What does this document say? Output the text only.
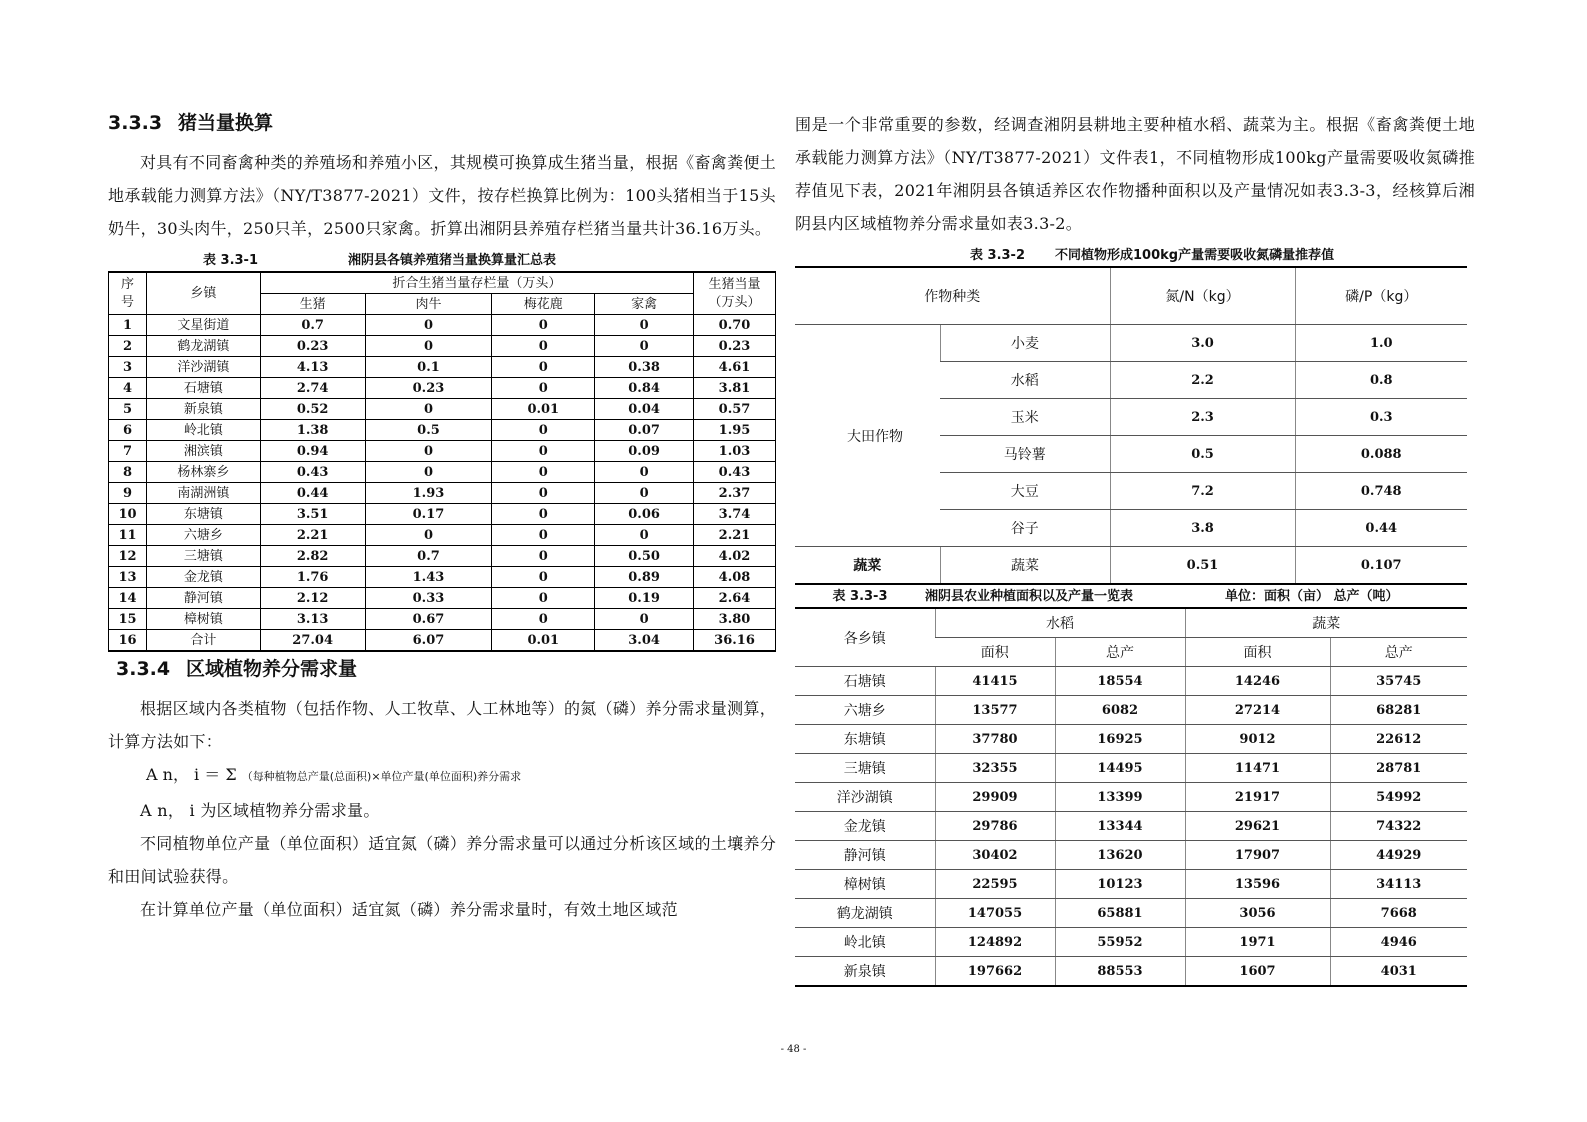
3.3.3 猪当量换算

对具有不同畜禽种类的养殖场和养殖小区，其规模可换算成生猪当量，根据《畜禽粪便土地承载能力测算方法》（NY/T3877-2021）文件，按存栏换算比例为：100头猪相当于15头奶牛，30头肉牛，250只羊，2500只家禽。折算出湘阴县养殖存栏猪当量共计36.16万头。

表 3.3-1	湘阴县各镇养殖猪当量换算量汇总表
序号	乡镇	折合生猪当量存栏量（万头）				生猪当量（万头）
		生猪	肉牛	梅花鹿	家禽	
1	文星街道	0.7	0	0	0	0.70
2	鹤龙湖镇	0.23	0	0	0	0.23
3	洋沙湖镇	4.13	0.1	0	0.38	4.61
4	石塘镇	2.74	0.23	0	0.84	3.81
5	新泉镇	0.52	0	0.01	0.04	0.57
6	岭北镇	1.38	0.5	0	0.07	1.95
7	湘滨镇	0.94	0	0	0.09	1.03
8	杨林寨乡	0.43	0	0	0	0.43
9	南湖洲镇	0.44	1.93	0	0	2.37
10	东塘镇	3.51	0.17	0	0.06	3.74
11	六塘乡	2.21	0	0	0	2.21
12	三塘镇	2.82	0.7	0	0.50	4.02
13	金龙镇	1.76	1.43	0	0.89	4.08
14	静河镇	2.12	0.33	0	0.19	2.64
15	樟树镇	3.13	0.67	0	0	3.80
16	合计	27.04	6.07	0.01	3.04	36.16
3.3.4 区域植物养分需求量

根据区域内各类植物（包括作物、人工牧草、人工林地等）的氮（磷）养分需求量测算，计算方法如下：

A n， i ＝ Σ （每种植物总产量(总面积)×单位产量(单位面积)养分需求

A n， i 为区域植物养分需求量。

不同植物单位产量（单位面积）适宜氮（磷）养分需求量可以通过分析该区域的土壤养分和田间试验获得。

在计算单位产量（单位面积）适宜氮（磷）养分需求量时，有效土地区域范

围是一个非常重要的参数，经调查湘阴县耕地主要种植水稻、蔬菜为主。根据《畜禽粪便土地承载能力测算方法》（NY/T3877-2021）文件表1，不同植物形成100kg产量需要吸收氮磷推荐值见下表，2021年湘阴县各镇适养区农作物播种面积以及产量情况如表3.3-3，经核算后湘阴县内区域植物养分需求量如表3.3-2。

表 3.3-2	不同植物形成100kg产量需要吸收氮磷量推荐值
作物种类		氮/N（kg）	磷/P（kg）
大田作物	小麦	3.0	1.0
	水稻	2.2	0.8
	玉米	2.3	0.3
	马铃薯	0.5	0.088
	大豆	7.2	0.748
	谷子	3.8	0.44
蔬菜	蔬菜	0.51	0.107
表 3.3-3	湘阴县农业种植面积以及产量一览表	单位：面积（亩） 总产（吨）
各乡镇	水稻		蔬菜	
	面积	总产	面积	总产
石塘镇	41415	18554	14246	35745
六塘乡	13577	6082	27214	68281
东塘镇	37780	16925	9012	22612
三塘镇	32355	14495	11471	28781
洋沙湖镇	29909	13399	21917	54992
金龙镇	29786	13344	29621	74322
静河镇	30402	13620	17907	44929
樟树镇	22595	10123	13596	34113
鹤龙湖镇	147055	65881	3056	7668
岭北镇	124892	55952	1971	4946
新泉镇	197662	88553	1607	4031
- 48 -
